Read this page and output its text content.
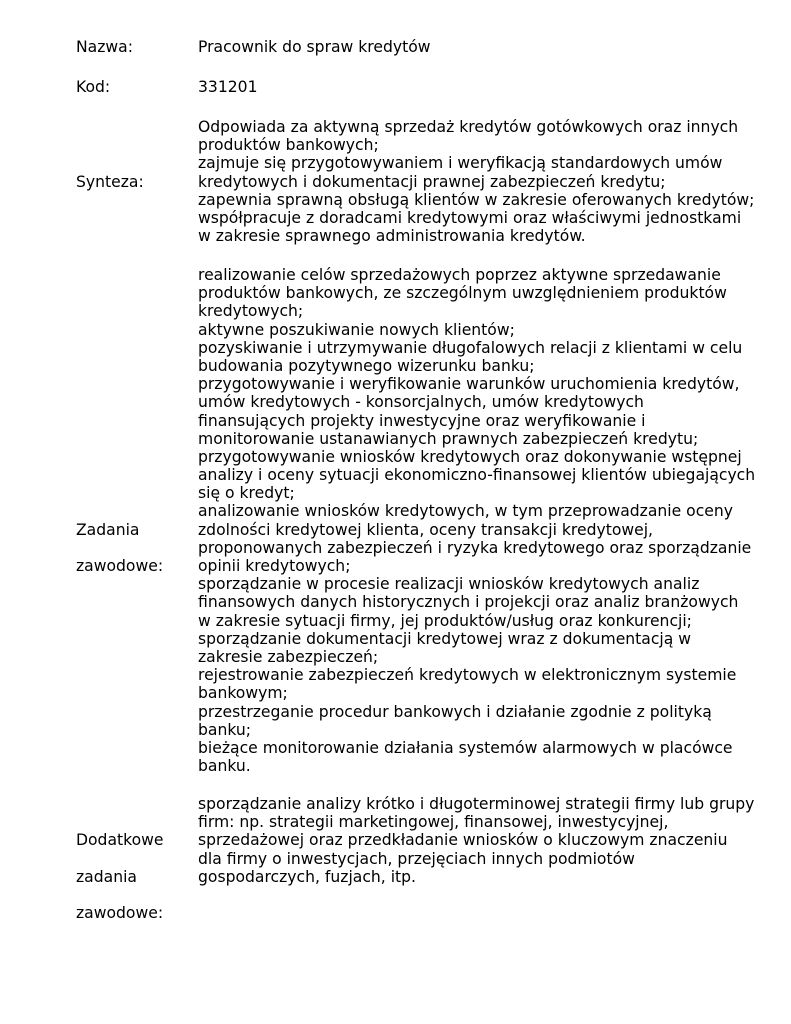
Nazwa:	Pracownik do spraw kredytów
Kod:	331201
Synteza:
Odpowiada za aktywną sprzedaż kredytów gotówkowych oraz innych
produktów bankowych;
zajmuje się przygotowywaniem i weryfikacją standardowych umów
kredytowych i dokumentacji prawnej zabezpieczeń kredytu;
zapewnia sprawną obsługą klientów w zakresie oferowanych kredytów;
współpracuje z doradcami kredytowymi oraz właściwymi jednostkami
w zakresie sprawnego administrowania kredytów.

Zadania

zawodowe:

realizowanie celów sprzedażowych poprzez aktywne sprzedawanie
produktów bankowych, ze szczególnym uwzględnieniem produktów
kredytowych;
aktywne poszukiwanie nowych klientów;
pozyskiwanie i utrzymywanie długofalowych relacji z klientami w celu
budowania pozytywnego wizerunku banku;
przygotowywanie i weryfikowanie warunków uruchomienia kredytów,
umów kredytowych - konsorcjalnych, umów kredytowych
finansujących projekty inwestycyjne oraz weryfikowanie i
monitorowanie ustanawianych prawnych zabezpieczeń kredytu;
przygotowywanie wniosków kredytowych oraz dokonywanie wstępnej
analizy i oceny sytuacji ekonomiczno-finansowej klientów ubiegających
się o kredyt;
analizowanie wniosków kredytowych, w tym przeprowadzanie oceny
zdolności kredytowej klienta, oceny transakcji kredytowej,
proponowanych zabezpieczeń i ryzyka kredytowego oraz sporządzanie
opinii kredytowych;
sporządzanie w procesie realizacji wniosków kredytowych analiz
finansowych danych historycznych i projekcji oraz analiz branżowych
w zakresie sytuacji firmy, jej produktów/usług oraz konkurencji;
sporządzanie dokumentacji kredytowej wraz z dokumentacją w
zakresie zabezpieczeń;
rejestrowanie zabezpieczeń kredytowych w elektronicznym systemie
bankowym;
przestrzeganie procedur bankowych i działanie zgodnie z polityką
banku;
bieżące monitorowanie działania systemów alarmowych w placówce
banku.

Dodatkowe

zadania

zawodowe:

sporządzanie analizy krótko i długoterminowej strategii firmy lub grupy
firm: np. strategii marketingowej, finansowej, inwestycyjnej,
sprzedażowej oraz przedkładanie wniosków o kluczowym znaczeniu
dla firmy o inwestycjach, przejęciach innych podmiotów
gospodarczych, fuzjach, itp.
